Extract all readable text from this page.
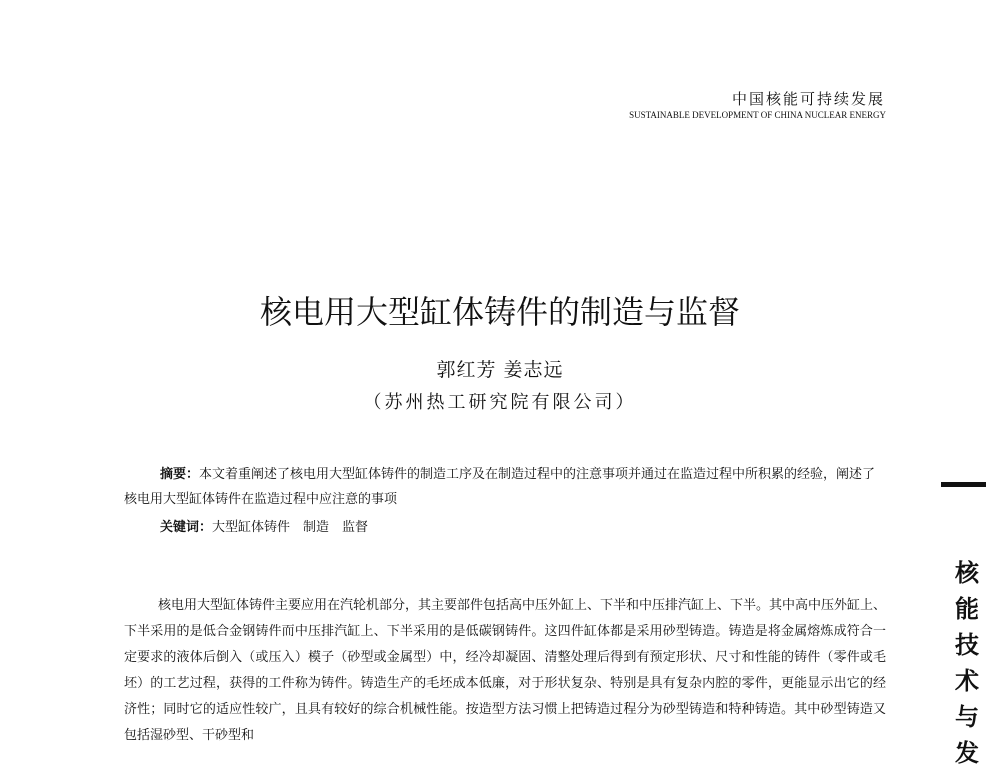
中国核能可持续发展
SUSTAINABLE DEVELOPMENT OF CHINA NUCLEAR ENERGY
核电用大型缸体铸件的制造与监督
郭红芳 姜志远
（苏州热工研究院有限公司）

摘要：本文着重阐述了核电用大型缸体铸件的制造工序及在制造过程中的注意事项并通过在监造过程中所积累的经验，阐述了核电用大型缸体铸件在监造过程中应注意的事项

关键词：大型缸体铸件　制造　监督

核电用大型缸体铸件主要应用在汽轮机部分，其主要部件包括高中压外缸上、下半和中压排汽缸上、下半。其中高中压外缸上、下半采用的是低合金钢铸件而中压排汽缸上、下半采用的是低碳钢铸件。这四件缸体都是采用砂型铸造。铸造是将金属熔炼成符合一定要求的液体后倒入（或压入）模子（砂型或金属型）中，经冷却凝固、清整处理后得到有预定形状、尺寸和性能的铸件（零件或毛坯）的工艺过程，获得的工件称为铸件。铸造生产的毛坯成本低廉，对于形状复杂、特别是具有复杂内腔的零件，更能显示出它的经济性；同时它的适应性较广，且具有较好的综合机械性能。按造型方法习惯上把铸造过程分为砂型铸造和特种铸造。其中砂型铸造又包括湿砂型、干砂型和

核
能
技
术
与
发
